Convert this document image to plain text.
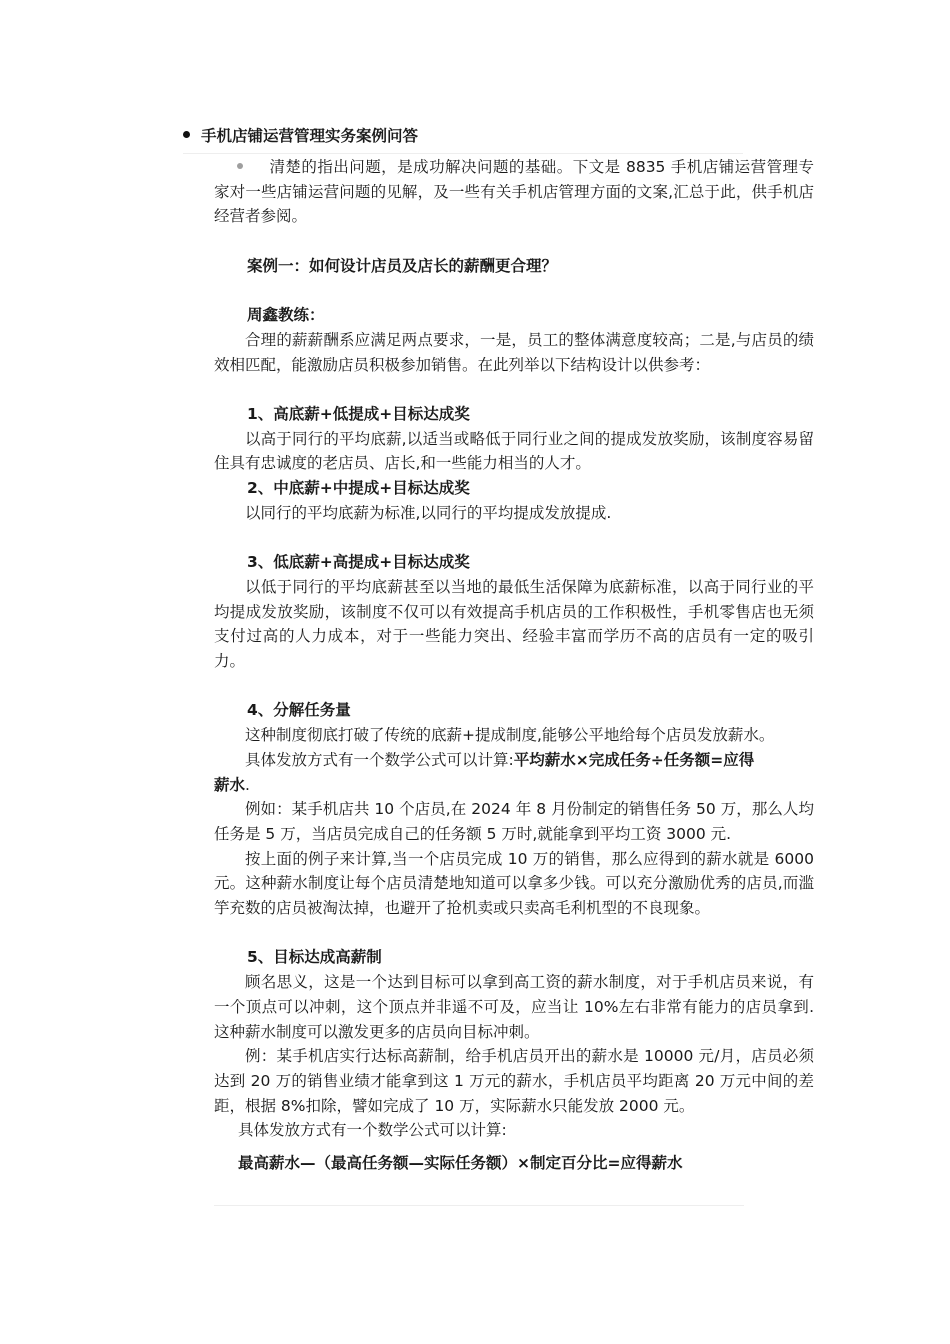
手机店铺运营管理实务案例问答

清楚的指出问题，是成功解决问题的基础。下文是 8835 手机店铺运营管理专家对一些店铺运营问题的见解，及一些有关手机店管理方面的文案,汇总于此，供手机店经营者参阅。

案例一：如何设计店员及店长的薪酬更合理？

周鑫教练：

合理的薪薪酬系应满足两点要求，一是，员工的整体满意度较高；二是,与店员的绩效相匹配，能激励店员积极参加销售。在此列举以下结构设计以供参考：

1、高底薪+低提成+目标达成奖

以高于同行的平均底薪,以适当或略低于同行业之间的提成发放奖励，该制度容易留住具有忠诚度的老店员、店长,和一些能力相当的人才。

2、中底薪+中提成+目标达成奖

以同行的平均底薪为标准,以同行的平均提成发放提成.

3、低底薪+高提成+目标达成奖

以低于同行的平均底薪甚至以当地的最低生活保障为底薪标准，以高于同行业的平均提成发放奖励，该制度不仅可以有效提高手机店员的工作积极性，手机零售店也无须支付过高的人力成本，对于一些能力突出、经验丰富而学历不高的店员有一定的吸引力。

4、分解任务量

这种制度彻底打破了传统的底薪+提成制度,能够公平地给每个店员发放薪水。

具体发放方式有一个数学公式可以计算:平均薪水×完成任务÷任务额=应得
薪水.

例如：某手机店共 10 个店员,在 2024 年 8 月份制定的销售任务 50 万，那么人均任务是 5 万，当店员完成自己的任务额 5 万时,就能拿到平均工资 3000 元.

按上面的例子来计算,当一个店员完成 10 万的销售，那么应得到的薪水就是 6000 元。这种薪水制度让每个店员清楚地知道可以拿多少钱。可以充分激励优秀的店员,而滥竽充数的店员被淘汰掉，也避开了抢机卖或只卖高毛利机型的不良现象。

5、目标达成高薪制

顾名思义，这是一个达到目标可以拿到高工资的薪水制度，对于手机店员来说，有一个顶点可以冲刺，这个顶点并非遥不可及，应当让 10%左右非常有能力的店员拿到.这种薪水制度可以激发更多的店员向目标冲刺。

例：某手机店实行达标高薪制，给手机店员开出的薪水是 10000 元/月，店员必须达到 20 万的销售业绩才能拿到这 1 万元的薪水，手机店员平均距离 20 万元中间的差距，根据 8%扣除，譬如完成了 10 万，实际薪水只能发放 2000 元。

具体发放方式有一个数学公式可以计算:

最高薪水—（最高任务额—实际任务额）×制定百分比=应得薪水
